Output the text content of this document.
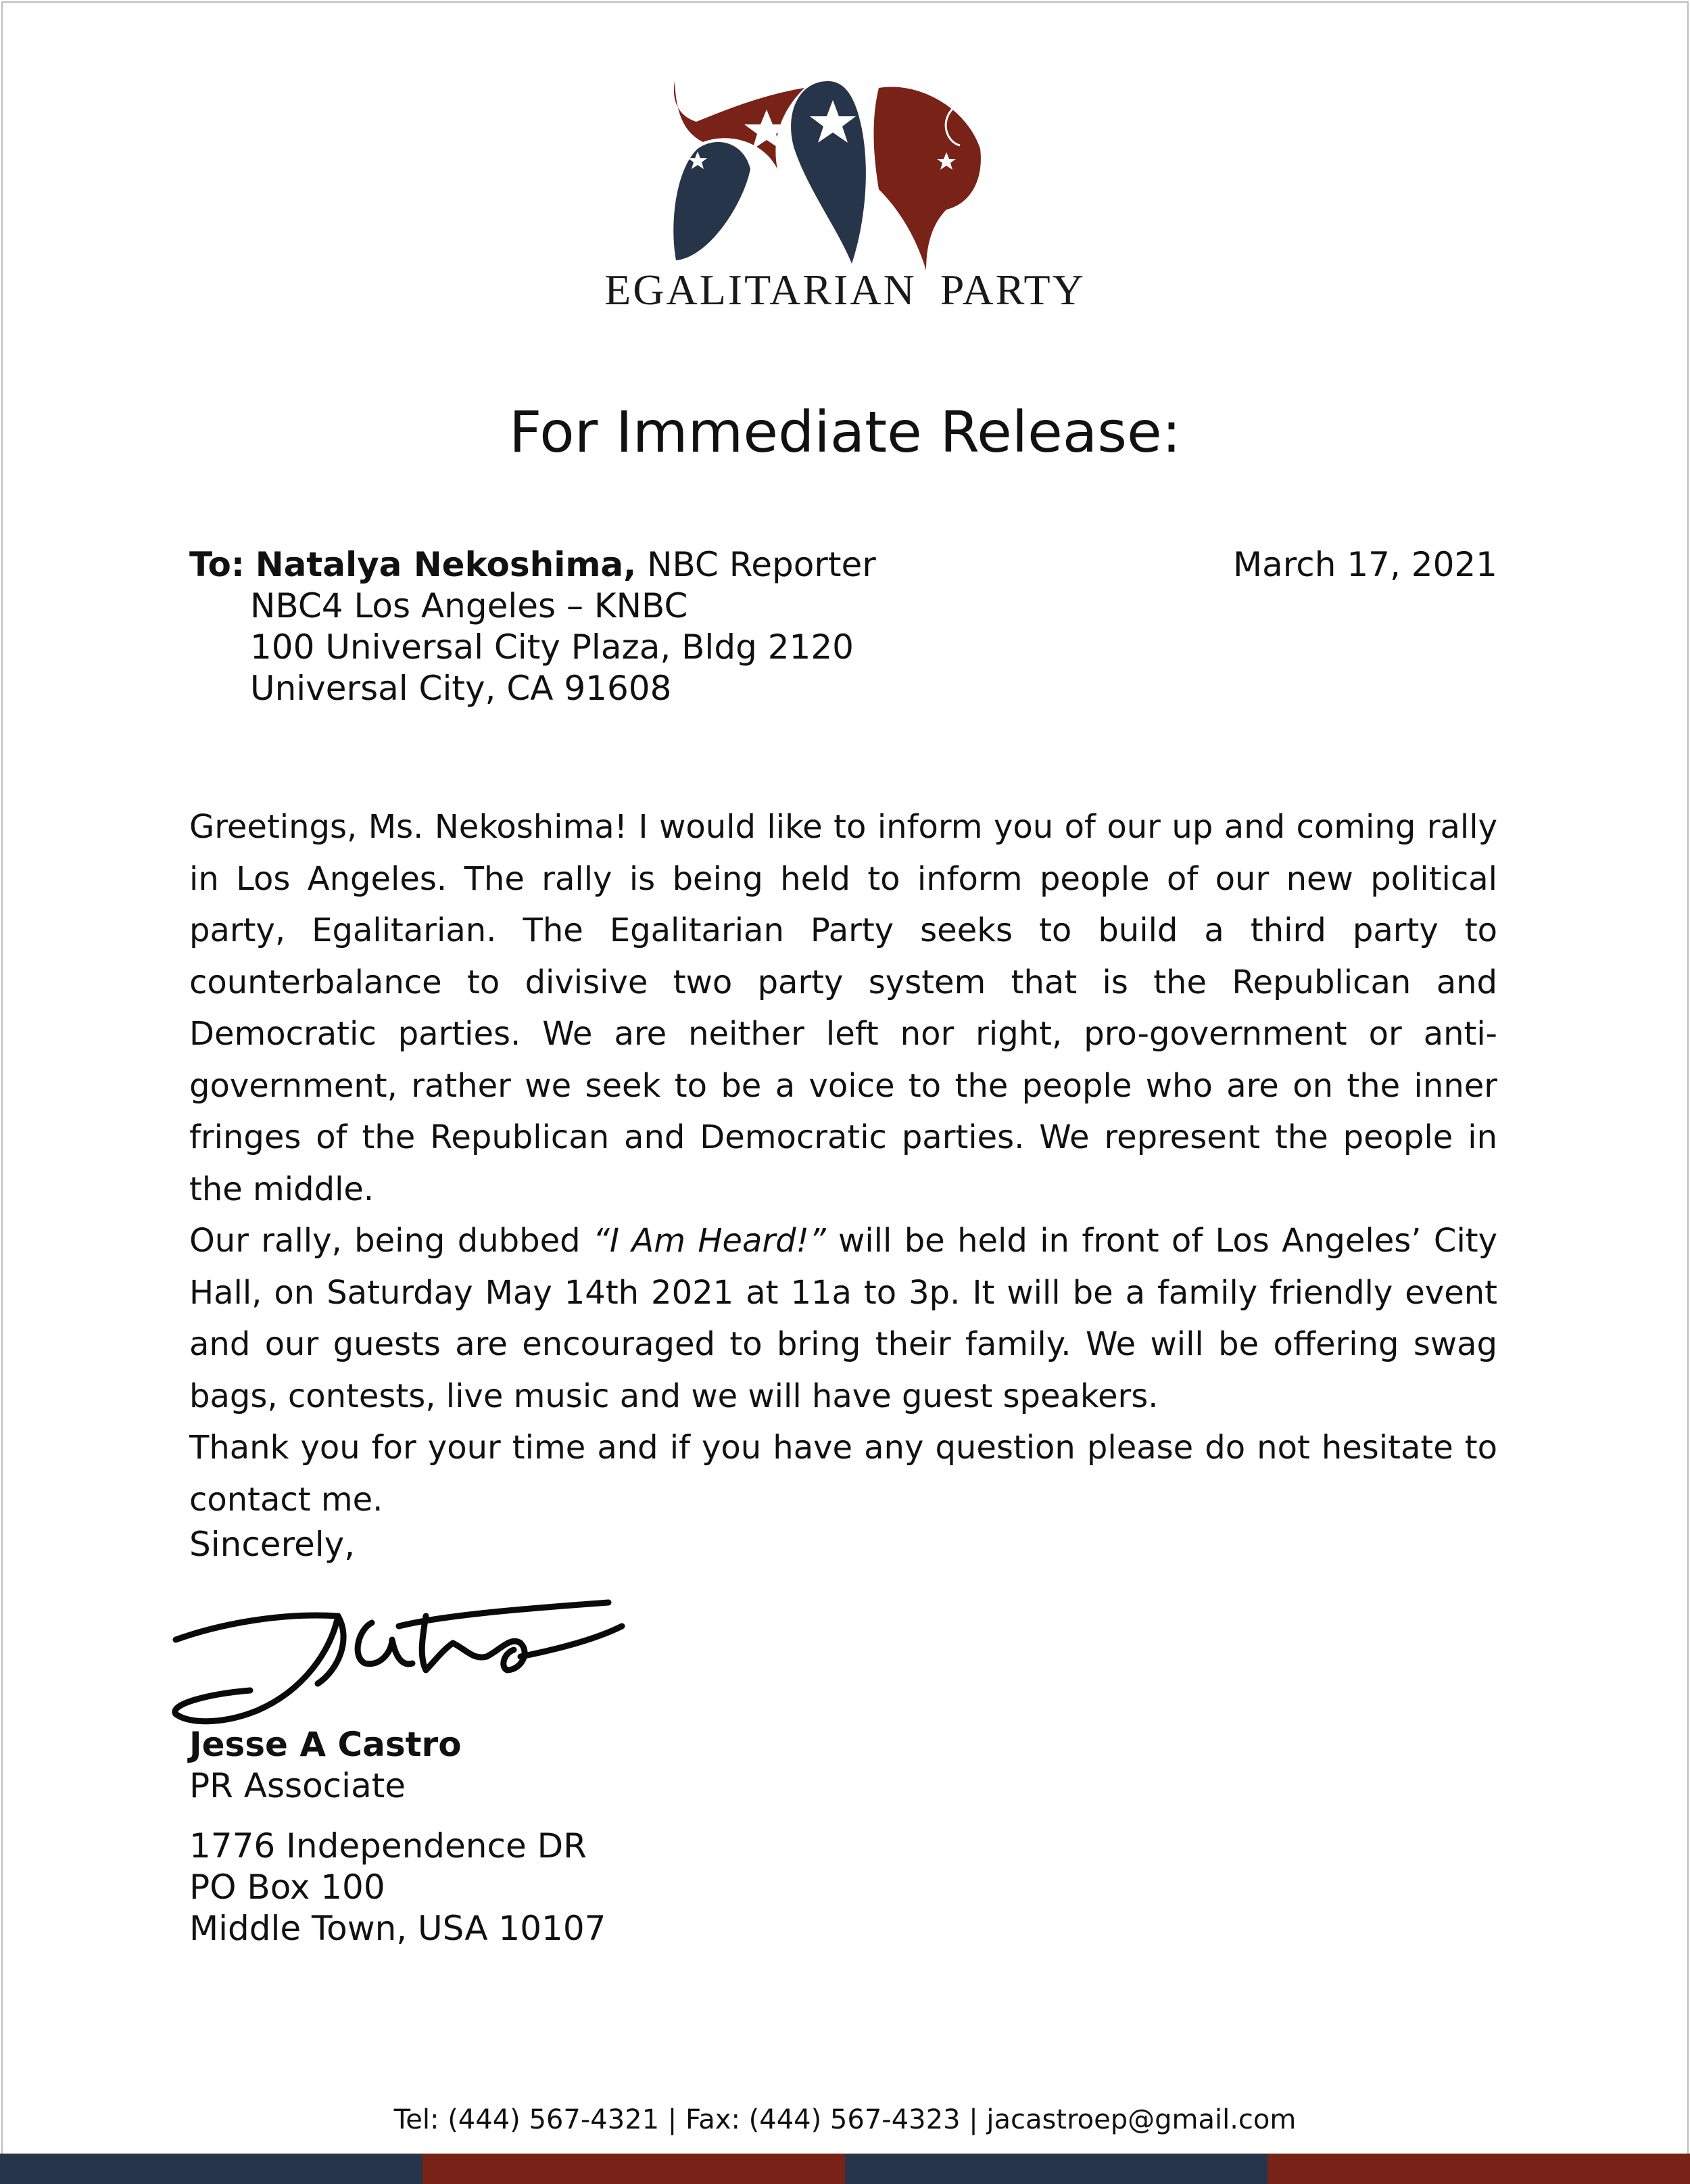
EGALITARIAN PARTY
For Immediate Release:
To: Natalya Nekoshima, NBC Reporter
NBC4 Los Angeles – KNBC
100 Universal City Plaza, Bldg 2120
Universal City, CA 91608
March 17, 2021

Greetings, Ms. Nekoshima! I would like to inform you of our up and coming rally in Los Angeles. The rally is being held to inform people of our new political party, Egalitarian. The Egalitarian Party seeks to build a third party to counterbalance to divisive two party system that is the Republican and Democratic parties. We are neither left nor right, pro-government or anti-government, rather we seek to be a voice to the people who are on the inner fringes of the Republican and Democratic parties. We represent the people in the middle.

Our rally, being dubbed “I Am Heard!” will be held in front of Los Angeles’ City Hall, on Saturday May 14th 2021 at 11a to 3p. It will be a family friendly event and our guests are encouraged to bring their family. We will be offering swag bags, contests, live music and we will have guest speakers.

Thank you for your time and if you have any question please do not hesitate to contact me.

Sincerely,
Jesse A Castro
PR Associate
1776 Independence DR
PO Box 100
Middle Town, USA 10107
Tel: (444) 567-4321 | Fax: (444) 567-4323 | jacastroep@gmail.com
